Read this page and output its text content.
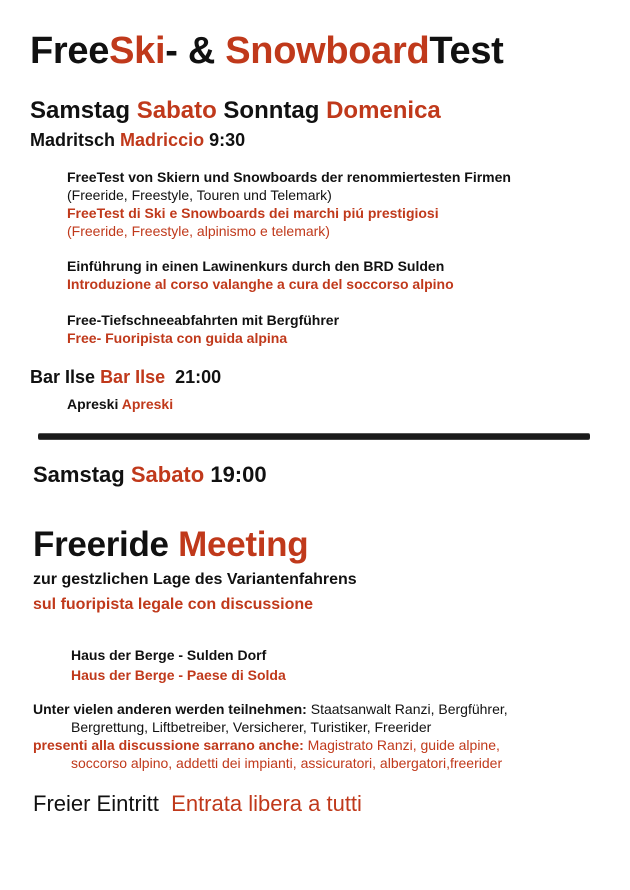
FreeSki- & SnowboardTest
Samstag Sabato Sonntag Domenica
Madritsch Madriccio 9:30
FreeTest von Skiern und Snowboards der renommiertesten Firmen
(Freeride, Freestyle, Touren und Telemark)
FreeTest di Ski e Snowboards dei marchi piú prestigiosi
(Freeride, Freestyle, alpinismo e telemark)
Einführung in einen Lawinenkurs durch den BRD Sulden
Introduzione al corso valanghe a cura del soccorso alpino
Free-Tiefschneeabfahrten mit Bergführer
Free- Fuoripista con guida alpina
Bar Ilse Bar Ilse 21:00
Apreski Apreski
Samstag Sabato 19:00
Freeride Meeting
zur gestzlichen Lage des Variantenfahrens
sul fuoripista legale con discussione
Haus der Berge - Sulden Dorf
Haus der Berge - Paese di Solda
Unter vielen anderen werden teilnehmen: Staatsanwalt Ranzi, Bergführer,
Bergrettung, Liftbetreiber, Versicherer, Turistiker, Freerider
presenti alla discussione sarrano anche: Magistrato Ranzi, guide alpine,
soccorso alpino, addetti dei impianti, assicuratori, albergatori,freerider
Freier Eintritt Entrata libera a tutti
